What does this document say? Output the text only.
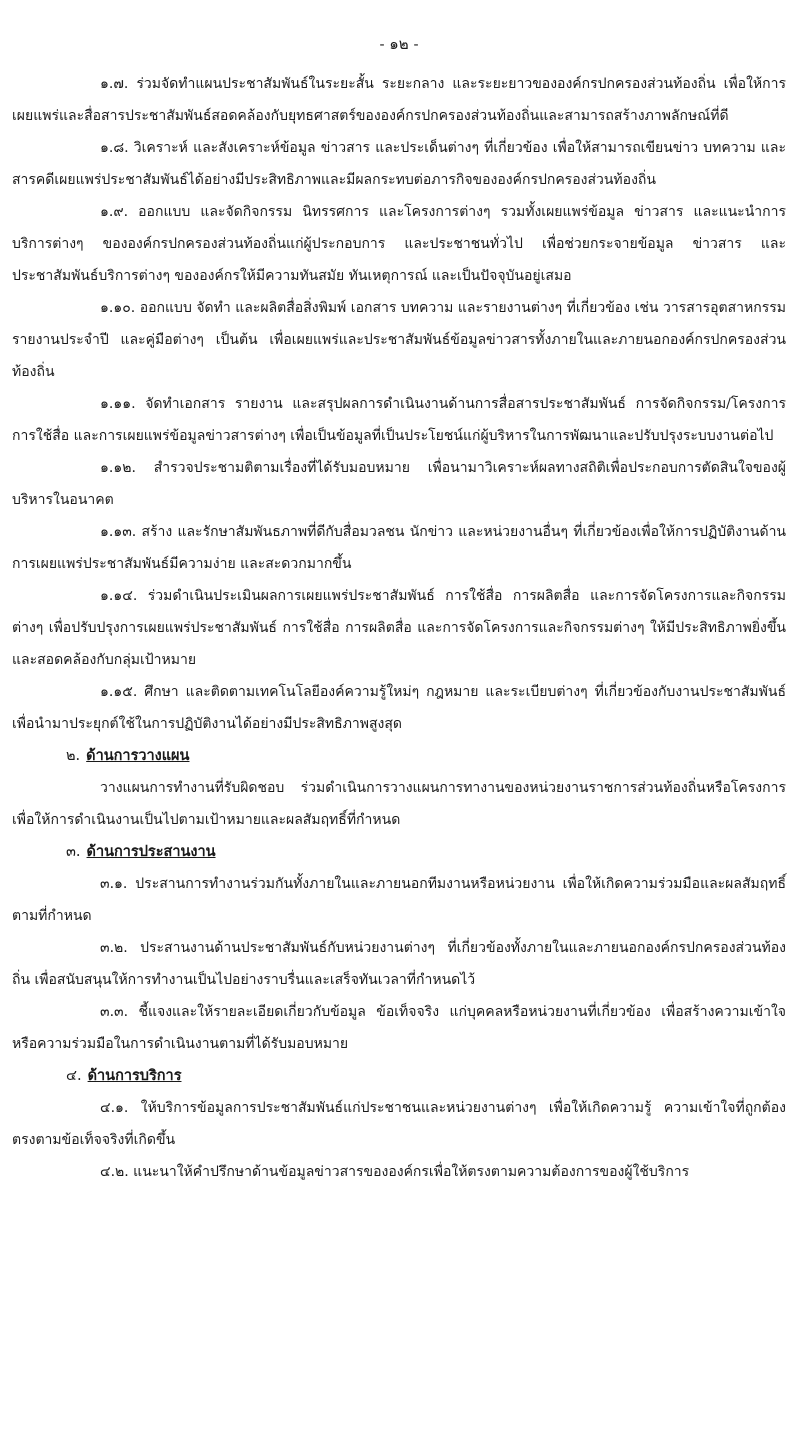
- ๑๒ -

๑.๗. ร่วมจัดทำแผนประชาสัมพันธ์ในระยะสั้น ระยะกลาง และระยะยาวขององค์กรปกครองส่วนท้องถิ่น เพื่อให้การเผยแพร่และสื่อสารประชาสัมพันธ์สอดคล้องกับยุทธศาสตร์ขององค์กรปกครองส่วนท้องถิ่นและสามารถสร้างภาพลักษณ์ที่ดี

๑.๘. วิเคราะห์ และสังเคราะห์ข้อมูล ข่าวสาร และประเด็นต่างๆ ที่เกี่ยวข้อง เพื่อให้สามารถเขียนข่าว บทความ และสารคดีเผยแพร่ประชาสัมพันธ์ได้อย่างมีประสิทธิภาพและมีผลกระทบต่อภารกิจขององค์กรปกครองส่วนท้องถิ่น

๑.๙. ออกแบบ และจัดกิจกรรม นิทรรศการ และโครงการต่างๆ รวมทั้งเผยแพร่ข้อมูล ข่าวสาร และแนะนำการบริการต่างๆ ขององค์กรปกครองส่วนท้องถิ่นแก่ผู้ประกอบการ และประชาชนทั่วไป เพื่อช่วยกระจายข้อมูล ข่าวสาร และประชาสัมพันธ์บริการต่างๆ ขององค์กรให้มีความทันสมัย ทันเหตุการณ์ และเป็นปัจจุบันอยู่เสมอ

๑.๑๐. ออกแบบ จัดทำ และผลิตสื่อสิ่งพิมพ์ เอกสาร บทความ และรายงานต่างๆ ที่เกี่ยวข้อง เช่น วารสารอุตสาหกรรม รายงานประจำปี และคู่มือต่างๆ เป็นต้น เพื่อเผยแพร่และประชาสัมพันธ์ข้อมูลข่าวสารทั้งภายในและภายนอกองค์กรปกครองส่วนท้องถิ่น

๑.๑๑. จัดทำเอกสาร รายงาน และสรุปผลการดำเนินงานด้านการสื่อสารประชาสัมพันธ์ การจัดกิจกรรม/โครงการ การใช้สื่อ และการเผยแพร่ข้อมูลข่าวสารต่างๆ เพื่อเป็นข้อมูลที่เป็นประโยชน์แก่ผู้บริหารในการพัฒนาและปรับปรุงระบบงานต่อไป

๑.๑๒. สำรวจประชามติตามเรื่องที่ได้รับมอบหมาย เพื่อนามาวิเคราะห์ผลทางสถิติเพื่อประกอบการตัดสินใจของผู้บริหารในอนาคต

๑.๑๓. สร้าง และรักษาสัมพันธภาพที่ดีกับสื่อมวลชน นักข่าว และหน่วยงานอื่นๆ ที่เกี่ยวข้องเพื่อให้การปฏิบัติงานด้านการเผยแพร่ประชาสัมพันธ์มีความง่าย และสะดวกมากขึ้น

๑.๑๔. ร่วมดำเนินประเมินผลการเผยแพร่ประชาสัมพันธ์ การใช้สื่อ การผลิตสื่อ และการจัดโครงการและกิจกรรมต่างๆ เพื่อปรับปรุงการเผยแพร่ประชาสัมพันธ์ การใช้สื่อ การผลิตสื่อ และการจัดโครงการและกิจกรรมต่างๆ ให้มีประสิทธิภาพยิ่งขึ้น และสอดคล้องกับกลุ่มเป้าหมาย

๑.๑๕. ศึกษา และติดตามเทคโนโลยีองค์ความรู้ใหม่ๆ กฎหมาย และระเบียบต่างๆ ที่เกี่ยวข้องกับงานประชาสัมพันธ์ เพื่อนำมาประยุกต์ใช้ในการปฏิบัติงานได้อย่างมีประสิทธิภาพสูงสุด

๒. ด้านการวางแผน

วางแผนการทำงานที่รับผิดชอบ ร่วมดำเนินการวางแผนการทางานของหน่วยงานราชการส่วนท้องถิ่นหรือโครงการ เพื่อให้การดำเนินงานเป็นไปตามเป้าหมายและผลสัมฤทธิ์ที่กำหนด

๓. ด้านการประสานงาน

๓.๑. ประสานการทำงานร่วมกันทั้งภายในและภายนอกทีมงานหรือหน่วยงาน เพื่อให้เกิดความร่วมมือและผลสัมฤทธิ์ตามที่กำหนด

๓.๒. ประสานงานด้านประชาสัมพันธ์กับหน่วยงานต่างๆ ที่เกี่ยวข้องทั้งภายในและภายนอกองค์กรปกครองส่วนท้องถิ่น เพื่อสนับสนุนให้การทำงานเป็นไปอย่างราบรื่นและเสร็จทันเวลาที่กำหนดไว้

๓.๓. ชี้แจงและให้รายละเอียดเกี่ยวกับข้อมูล ข้อเท็จจริง แก่บุคคลหรือหน่วยงานที่เกี่ยวข้อง เพื่อสร้างความเข้าใจหรือความร่วมมือในการดำเนินงานตามที่ได้รับมอบหมาย

๔. ด้านการบริการ

๔.๑. ให้บริการข้อมูลการประชาสัมพันธ์แก่ประชาชนและหน่วยงานต่างๆ เพื่อให้เกิดความรู้ ความเข้าใจที่ถูกต้อง ตรงตามข้อเท็จจริงที่เกิดขึ้น

๔.๒. แนะนาให้คำปรึกษาด้านข้อมูลข่าวสารขององค์กรเพื่อให้ตรงตามความต้องการของผู้ใช้บริการ
